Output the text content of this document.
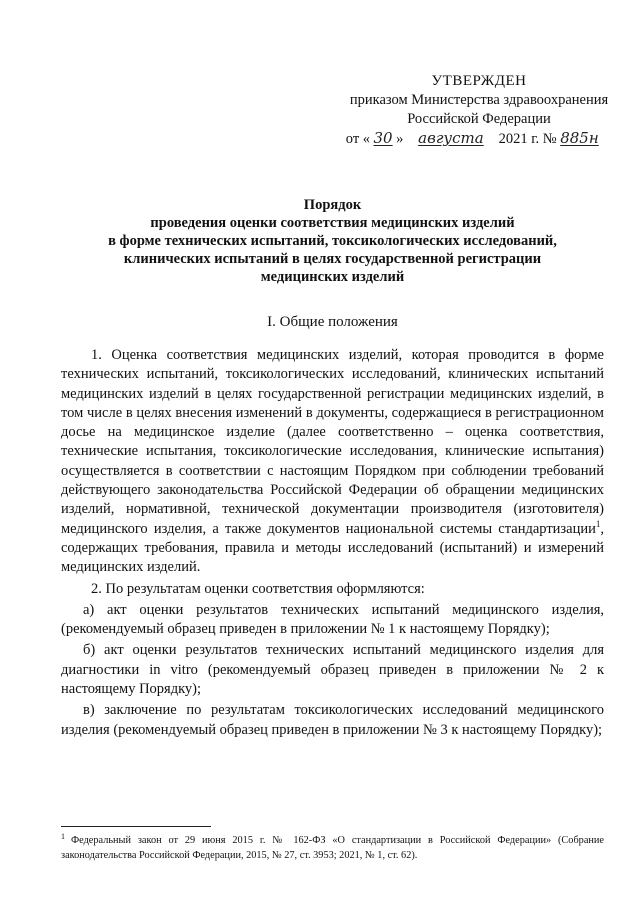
УТВЕРЖДЕН
приказом Министерства здравоохранения
Российской Федерации
от « 30 » августа 2021 г. № 885н
Порядок
проведения оценки соответствия медицинских изделий
в форме технических испытаний, токсикологических исследований,
клинических испытаний в целях государственной регистрации
медицинских изделий
I. Общие положения

1. Оценка соответствия медицинских изделий, которая проводится в форме технических испытаний, токсикологических исследований, клинических испытаний медицинских изделий в целях государственной регистрации медицинских изделий, в том числе в целях внесения изменений в документы, содержащиеся в регистрационном досье на медицинское изделие (далее соответственно – оценка соответствия, технические испытания, токсикологические исследования, клинические испытания) осуществляется в соответствии с настоящим Порядком при соблюдении требований действующего законодательства Российской Федерации об обращении медицинских изделий, нормативной, технической документации производителя (изготовителя) медицинского изделия, а также документов национальной системы стандартизации$^1$, содержащих требования, правила и методы исследований (испытаний) и измерений медицинских изделий.

2. По результатам оценки соответствия оформляются:

а) акт оценки результатов технических испытаний медицинского изделия, (рекомендуемый образец приведен в приложении № 1 к настоящему Порядку);

б) акт оценки результатов технических испытаний медицинского изделия для диагностики in vitro (рекомендуемый образец приведен в приложении № 2 к настоящему Порядку);

в) заключение по результатам токсикологических исследований медицинского изделия (рекомендуемый образец приведен в приложении № 3 к настоящему Порядку);

$^1$ Федеральный закон от 29 июня 2015 г. № 162-ФЗ «О стандартизации в Российской Федерации» (Собрание законодательства Российской Федерации, 2015, № 27, ст. 3953; 2021, № 1, ст. 62).
